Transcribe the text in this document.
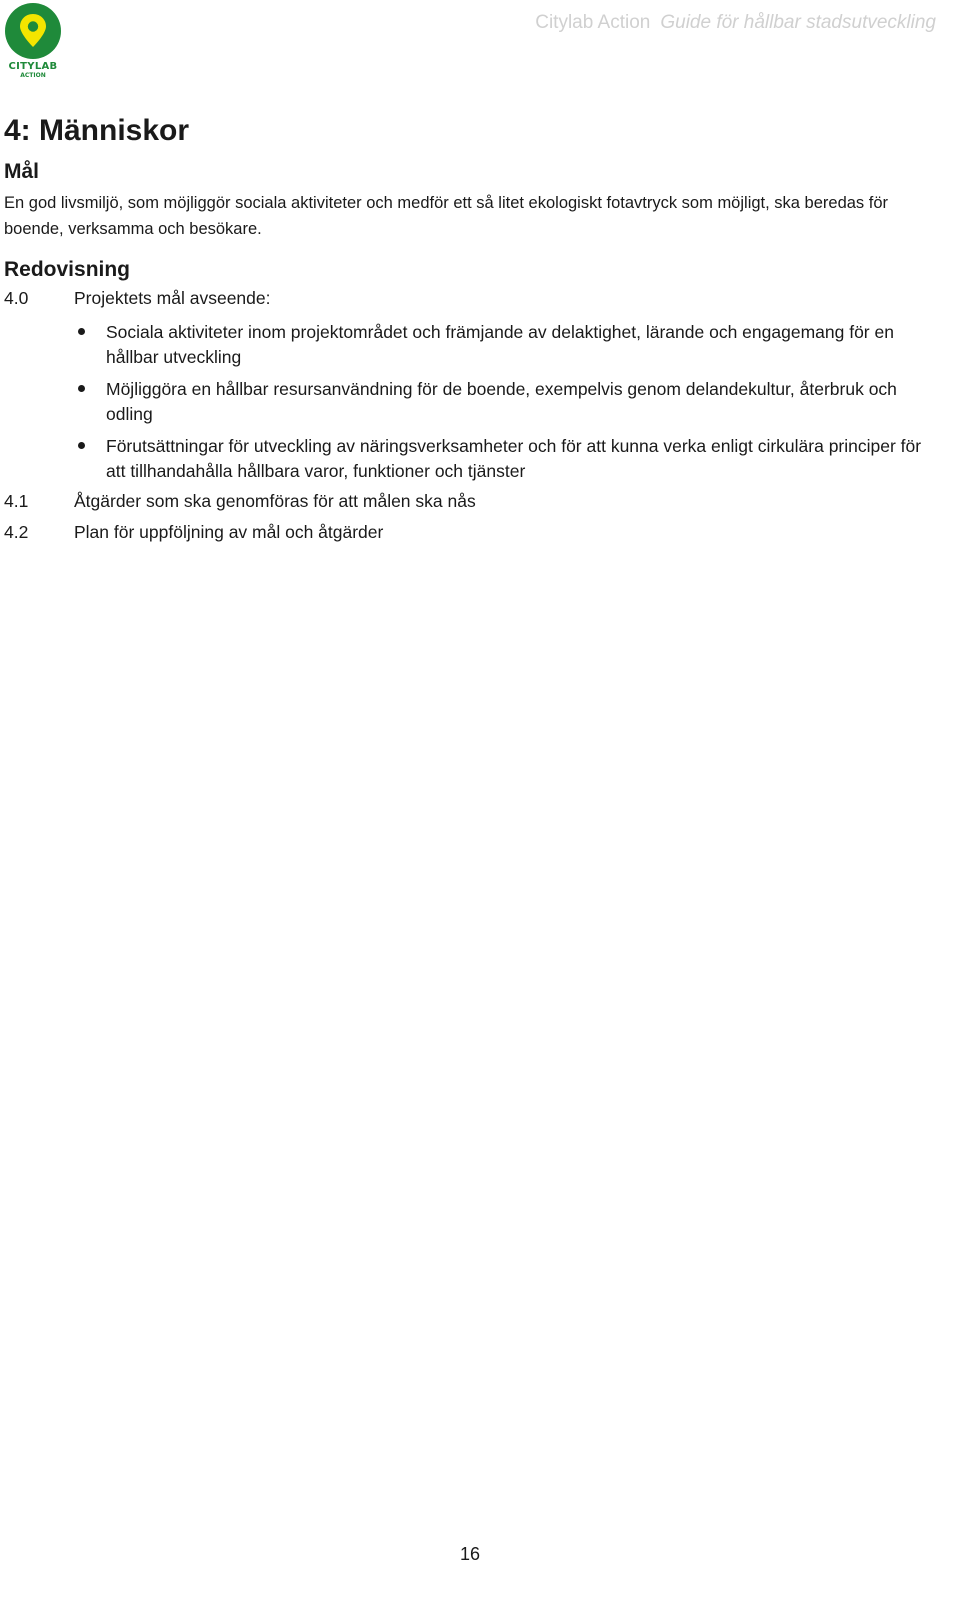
CITYLAB
ACTION
Citylab Action Guide för hållbar stadsutveckling
4: Människor
Mål

En god livsmiljö, som möjliggör sociala aktiviteter och medför ett så litet ekologiskt fotavtryck som möjligt, ska beredas för boende, verksamma och besökare.

Redovisning
4.0	Projektets mål avseende:
Sociala aktiviteter inom projektområdet och främjande av delaktighet, lärande och engagemang för en hållbar utveckling
Möjliggöra en hållbar resursanvändning för de boende, exempelvis genom delandekultur, återbruk och odling
Förutsättningar för utveckling av näringsverksamheter och för att kunna verka enligt cirkulära principer för att tillhandahålla hållbara varor, funktioner och tjänster
4.1	Åtgärder som ska genomföras för att målen ska nås
4.2	Plan för uppföljning av mål och åtgärder
16
